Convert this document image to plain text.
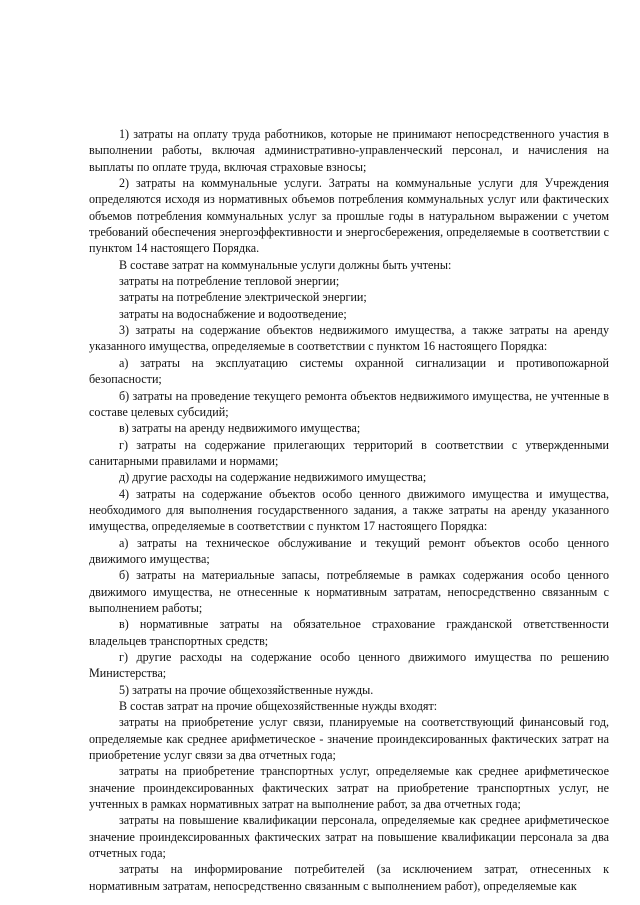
1) затраты на оплату труда работников, которые не принимают непосредственного участия в выполнении работы, включая административно-управленческий персонал, и начисления на выплаты по оплате труда, включая страховые взносы;

2) затраты на коммунальные услуги. Затраты на коммунальные услуги для Учреждения определяются исходя из нормативных объемов потребления коммунальных услуг или фактических объемов потребления коммунальных услуг за прошлые годы в натуральном выражении с учетом требований обеспечения энергоэффективности и энергосбережения, определяемые в соответствии с пунктом 14 настоящего Порядка.

В составе затрат на коммунальные услуги должны быть учтены:

затраты на потребление тепловой энергии;

затраты на потребление электрической энергии;

затраты на водоснабжение и водоотведение;

3) затраты на содержание объектов недвижимого имущества, а также затраты на аренду указанного имущества, определяемые в соответствии с пунктом 16 настоящего Порядка:

а) затраты на эксплуатацию системы охранной сигнализации и противопожарной безопасности;

б) затраты на проведение текущего ремонта объектов недвижимого имущества, не учтенные в составе целевых субсидий;

в) затраты на аренду недвижимого имущества;

г) затраты на содержание прилегающих территорий в соответствии с утвержденными санитарными правилами и нормами;

д) другие расходы на содержание недвижимого имущества;

4) затраты на содержание объектов особо ценного движимого имущества и имущества, необходимого для выполнения государственного задания, а также затраты на аренду указанного имущества, определяемые в соответствии с пунктом 17 настоящего Порядка:

а) затраты на техническое обслуживание и текущий ремонт объектов особо ценного движимого имущества;

б) затраты на материальные запасы, потребляемые в рамках содержания особо ценного движимого имущества, не отнесенные к нормативным затратам, непосредственно связанным с выполнением работы;

в) нормативные затраты на обязательное страхование гражданской ответственности владельцев транспортных средств;

г) другие расходы на содержание особо ценного движимого имущества по решению Министерства;

5) затраты на прочие общехозяйственные нужды.

В состав затрат на прочие общехозяйственные нужды входят:

затраты на приобретение услуг связи, планируемые на соответствующий финансовый год, определяемые как среднее арифметическое - значение проиндексированных фактических затрат на приобретение услуг связи за два отчетных года;

затраты на приобретение транспортных услуг, определяемые как среднее арифметическое значение проиндексированных фактических затрат на приобретение транспортных услуг, не учтенных в рамках нормативных затрат на выполнение работ, за два отчетных года;

затраты на повышение квалификации персонала, определяемые как среднее арифметическое значение проиндексированных фактических затрат на повышение квалификации персонала за два отчетных года;

затраты на информирование потребителей (за исключением затрат, отнесенных к нормативным затратам, непосредственно связанным с выполнением работ), определяемые как
